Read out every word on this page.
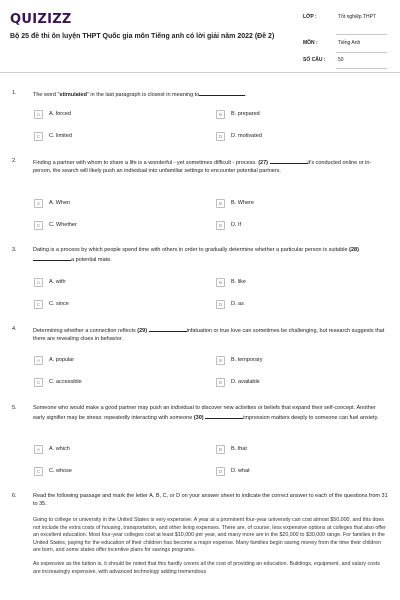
QUIZIZZ
Bộ 25 đề thi ôn luyện THPT Quốc gia môn Tiếng anh có lời giải năm 2022 (Đề 2)
LỚP :	Tốt nghiệp THPT
MÔN :	Tiếng Anh
SỐ CÂU :	50
1.	The word "stimulated" in the last paragraph is closest in meaning to	.
A	A. forced	B	B. prepared
C	C. limited	D	D. motivated
2.	Finding a partner with whom to share a life is a wonderful - yet sometimes difficult - process. (27)	it's conducted online or in-person, the search will likely push an individual into unfamiliar settings to encounter potential partners.
A	A. When	B	B. Where
C	C. Whether	D	D. If
3.	Dating is a process by which people spend time with others in order to gradually determine whether a particular person is suitable (28) a potential mate.
A	A. with	B	B. like
C	C. since	D	D. as
4.	Determining whether a connection reflects (29)	infatuation or true love can sometimes be challenging, but research suggests that there are revealing clues in behavior.
A	A. popular	B	B. temporary
C	C. accessible	D	D. available
5.	Someone who would make a good partner may push an individual to discover new activities or beliefs that expand their self-concept. Another early signifier may be stress: repeatedly interacting with someone (30)	impression matters deeply to someone can fuel anxiety.
A	A. which	B	B. that
C	C. whose	D	D. what
6.	Read the following passage and mark the letter A, B, C, or D on your answer sheet to indicate the correct answer to each of the questions from 31 to 35.

Going to college or university in the United States is very expensive. A year at a prominent four-year university can cost almost $50,000, and this does not include the extra costs of housing, transportation, and other living expenses. There are, of course, less expensive options at colleges that also offer an excellent education. Most four-year colleges cost at least $10,000 per year, and many more are in the $20,000 to $30,000 range. For families in the United States, paying for the education of their children has become a major expense. Many families begin saving money from the time their children are born, and some states offer incentive plans for savings programs.

As expensive as the tuition is, it should be noted that this hardly covers all the cost of providing an education. Buildings, equipment, and salary costs are increasingly expensive, with advanced technology adding tremendous
